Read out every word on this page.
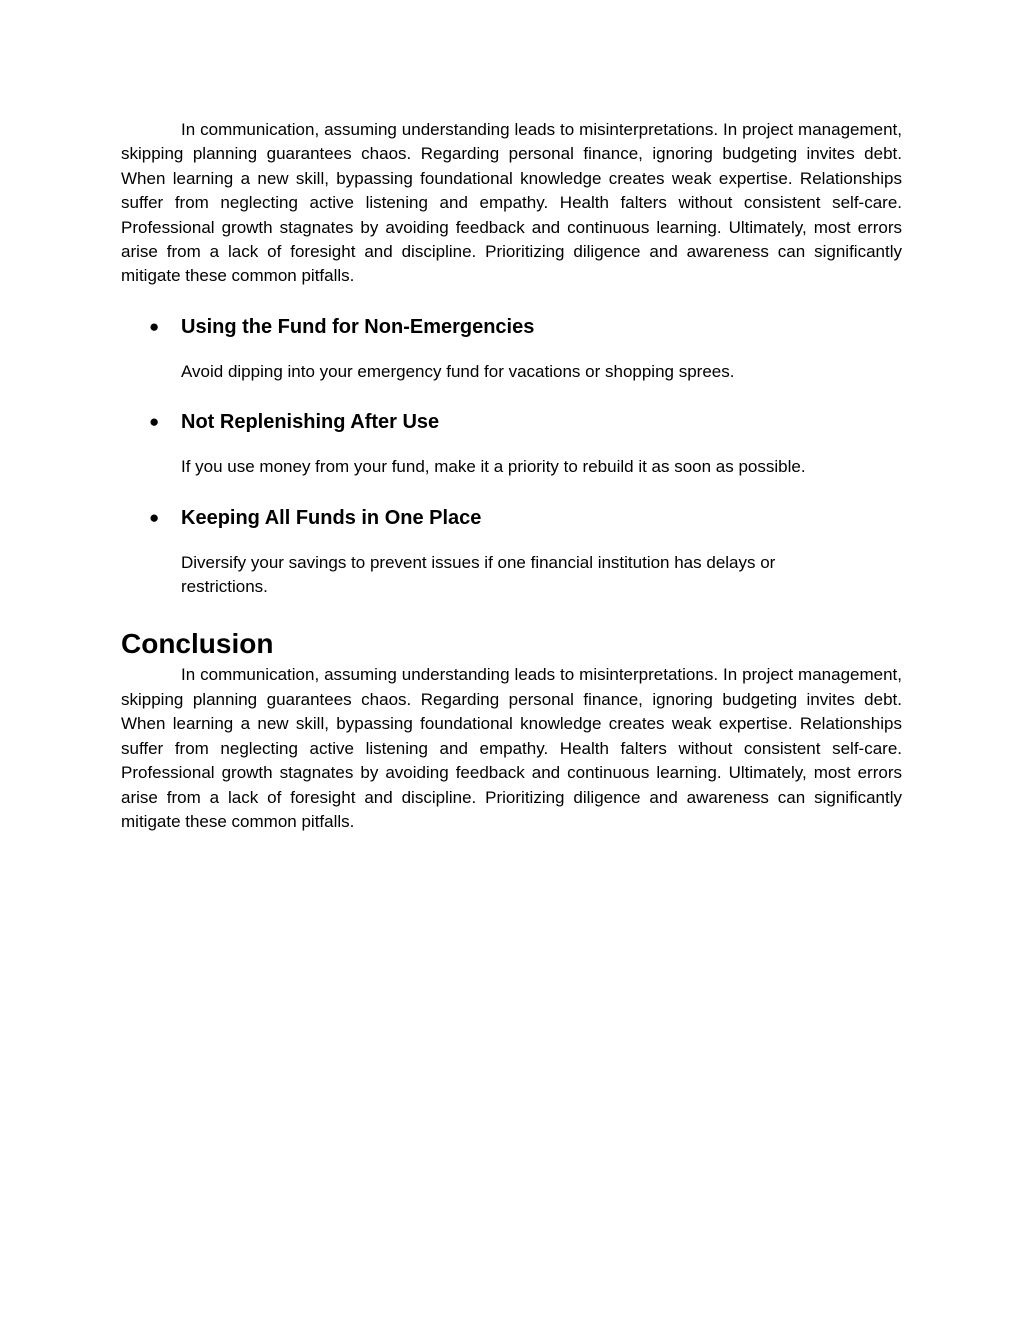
In communication, assuming understanding leads to misinterpretations. In project management, skipping planning guarantees chaos. Regarding personal finance, ignoring budgeting invites debt. When learning a new skill, bypassing foundational knowledge creates weak expertise. Relationships suffer from neglecting active listening and empathy. Health falters without consistent self-care. Professional growth stagnates by avoiding feedback and continuous learning. Ultimately, most errors arise from a lack of foresight and discipline. Prioritizing diligence and awareness can significantly mitigate these common pitfalls.

● Using the Fund for Non-Emergencies

Avoid dipping into your emergency fund for vacations or shopping sprees.

● Not Replenishing After Use

If you use money from your fund, make it a priority to rebuild it as soon as possible.

● Keeping All Funds in One Place

Diversify your savings to prevent issues if one financial institution has delays or restrictions.

Conclusion

In communication, assuming understanding leads to misinterpretations. In project management, skipping planning guarantees chaos. Regarding personal finance, ignoring budgeting invites debt. When learning a new skill, bypassing foundational knowledge creates weak expertise. Relationships suffer from neglecting active listening and empathy. Health falters without consistent self-care. Professional growth stagnates by avoiding feedback and continuous learning. Ultimately, most errors arise from a lack of foresight and discipline. Prioritizing diligence and awareness can significantly mitigate these common pitfalls.
